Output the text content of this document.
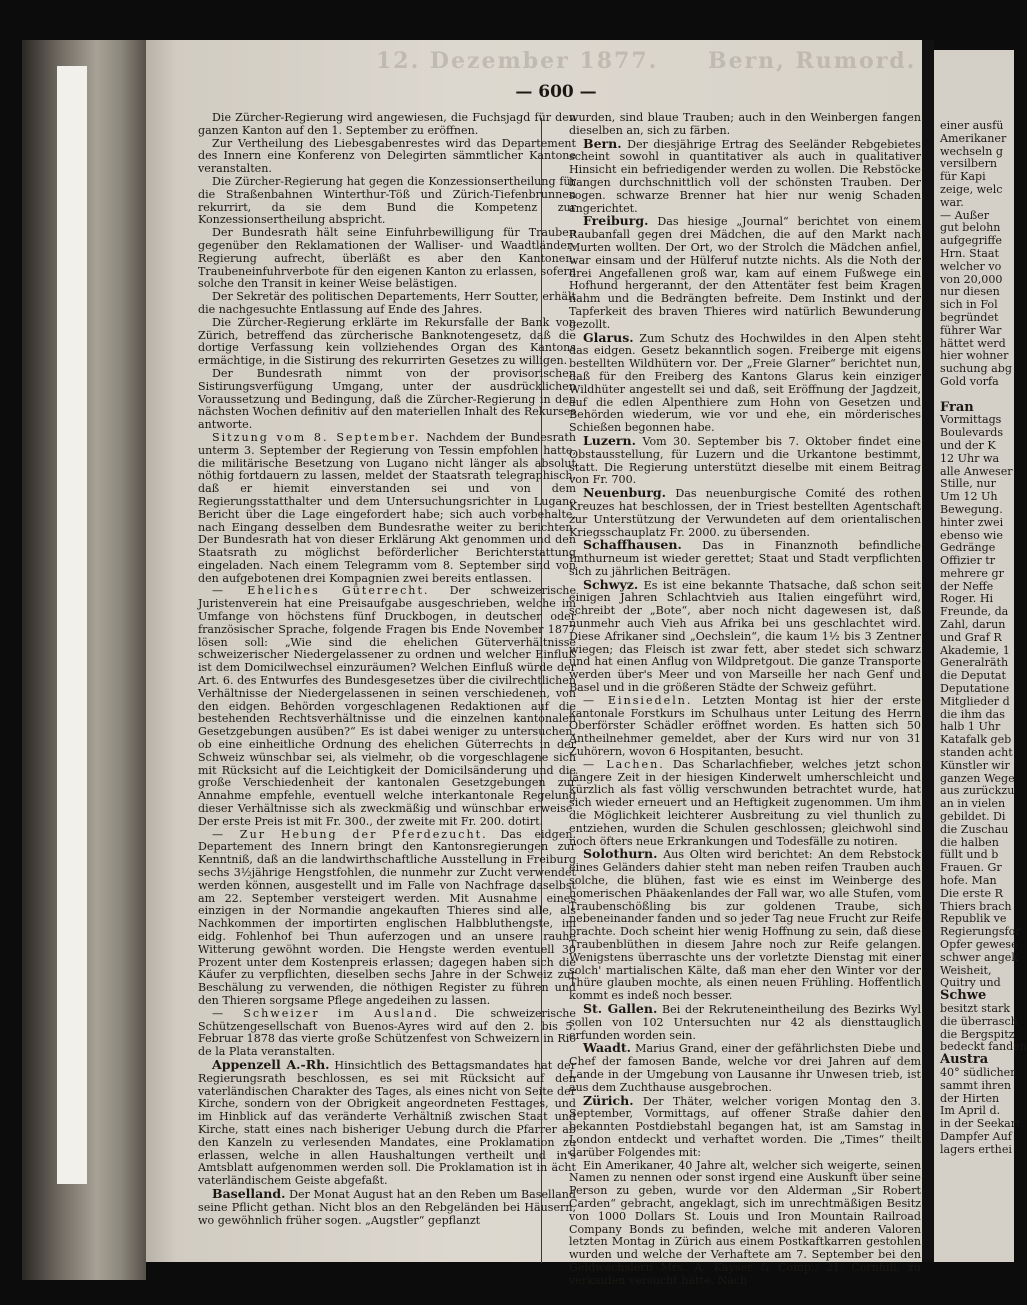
12. Dezember 1877. Bern, Rumord.
— 600 —

Die Zürcher-Regierung wird angewiesen, die Fuchsjagd für den ganzen Kanton auf den 1. September zu eröffnen.

Zur Vertheilung des Liebesgabenrestes wird das Departement des Innern eine Konferenz von Delegirten sämmtlicher Kantone veranstalten.

Die Zürcher-Regierung hat gegen die Konzessionsertheilung für die Straßenbahnen Winterthur-Töß und Zürich-Tiefenbrunnen rekurrirt, da sie dem Bund die Kompetenz zur Konzessionsertheilung abspricht.

Der Bundesrath hält seine Einfuhrbewilligung für Trauben gegenüber den Reklamationen der Walliser- und Waadtländer-Regierung aufrecht, überläßt es aber den Kantonen, Traubeneinfuhrverbote für den eigenen Kanton zu erlassen, sofern solche den Transit in keiner Weise belästigen.

Der Sekretär des politischen Departements, Herr Soutter, erhält die nachgesuchte Entlassung auf Ende des Jahres.

Die Zürcher-Regierung erklärte im Rekursfalle der Bank von Zürich, betreffend das zürcherische Banknotengesetz, daß die dortige Verfassung kein vollziehendes Organ des Kantons ermächtige, in die Sistirung des rekurrirten Gesetzes zu willigen.

Der Bundesrath nimmt von der provisorischen Sistirungsverfügung Umgang, unter der ausdrücklichen Voraussetzung und Bedingung, daß die Zürcher-Regierung in den nächsten Wochen definitiv auf den materiellen Inhalt des Rekurses antworte.

Sitzung vom 8. September. Nachdem der Bundesrath unterm 3. September der Regierung von Tessin empfohlen hatte, die militärische Besetzung von Lugano nicht länger als absolut nöthig fortdauern zu lassen, meldet der Staatsrath telegraphisch, daß er hiemit einverstanden sei und von dem Regierungsstatthalter und dem Untersuchungsrichter in Lugano Bericht über die Lage eingefordert habe; sich auch vorbehalte, nach Eingang desselben dem Bundesrathe weiter zu berichten. Der Bundesrath hat von dieser Erklärung Akt genommen und den Staatsrath zu möglichst beförderlicher Berichterstattung eingeladen. Nach einem Telegramm vom 8. September sind von den aufgebotenen drei Kompagnien zwei bereits entlassen.

— Eheliches Güterrecht. Der schweizerische Juristenverein hat eine Preisaufgabe ausgeschrieben, welche im Umfange von höchstens fünf Druckbogen, in deutscher oder französischer Sprache, folgende Fragen bis Ende November 1877 lösen soll: „Wie sind die ehelichen Güterverhältnisse schweizerischer Niedergelassener zu ordnen und welcher Einfluß ist dem Domicilwechsel einzuräumen? Welchen Einfluß würde der Art. 6. des Entwurfes des Bundesgesetzes über die civilrechtlichen Verhältnisse der Niedergelassenen in seinen verschiedenen, von den eidgen. Behörden vorgeschlagenen Redaktionen auf die bestehenden Rechtsverhältnisse und die einzelnen kantonalen Gesetzgebungen ausüben?“ Es ist dabei weniger zu untersuchen, ob eine einheitliche Ordnung des ehelichen Güterrechts in der Schweiz wünschbar sei, als vielmehr, ob die vorgeschlagene sich mit Rücksicht auf die Leichtigkeit der Domicilsänderung und die große Verschiedenheit der kantonalen Gesetzgebungen zur Annahme empfehle, eventuell welche interkantonale Regelung dieser Verhältnisse sich als zweckmäßig und wünschbar erweise. Der erste Preis ist mit Fr. 300., der zweite mit Fr. 200. dotirt.

— Zur Hebung der Pferdezucht. Das eidgen. Departement des Innern bringt den Kantonsregierungen zur Kenntniß, daß an die landwirthschaftliche Ausstellung in Freiburg sechs 3½jährige Hengstfohlen, die nunmehr zur Zucht verwendet werden können, ausgestellt und im Falle von Nachfrage daselbst am 22. September versteigert werden. Mit Ausnahme eines einzigen in der Normandie angekauften Thieres sind alle, als Nachkommen der importirten englischen Halbbluthengste, im eidg. Fohlenhof bei Thun auferzogen und an unsere rauhe Witterung gewöhnt worden. Die Hengste werden eventuell 30 Prozent unter dem Kostenpreis erlassen; dagegen haben sich die Käufer zu verpflichten, dieselben sechs Jahre in der Schweiz zur Beschälung zu verwenden, die nöthigen Register zu führen und den Thieren sorgsame Pflege angedeihen zu lassen.

— Schweizer im Ausland. Die schweizerische Schützengesellschaft von Buenos-Ayres wird auf den 2. bis 5. Februar 1878 das vierte große Schützenfest von Schweizern in Rio de la Plata veranstalten.

Appenzell A.-Rh. Hinsichtlich des Bettagsmandates hat der Regierungsrath beschlossen, es sei mit Rücksicht auf den vaterländischen Charakter des Tages, als eines nicht von Seite der Kirche, sondern von der Obrigkeit angeordneten Festtages, und im Hinblick auf das veränderte Verhältniß zwischen Staat und Kirche, statt eines nach bisheriger Uebung durch die Pfarrer ab den Kanzeln zu verlesenden Mandates, eine Proklamation zu erlassen, welche in allen Haushaltungen vertheilt und in's Amtsblatt aufgenommen werden soll. Die Proklamation ist in ächt vaterländischem Geiste abgefaßt.

Baselland. Der Monat August hat an den Reben um Baselland seine Pflicht gethan. Nicht blos an den Rebgeländen bei Häusern, wo gewöhnlich früher sogen. „Augstler“ gepflanzt

wurden, sind blaue Trauben; auch in den Weinbergen fangen dieselben an, sich zu färben.

Bern. Der diesjährige Ertrag des Seeländer Rebgebietes scheint sowohl in quantitativer als auch in qualitativer Hinsicht ein befriedigender werden zu wollen. Die Rebstöcke hangen durchschnittlich voll der schönsten Trauben. Der sogen. schwarze Brenner hat hier nur wenig Schaden angerichtet.

Freiburg. Das hiesige „Journal“ berichtet von einem Raubanfall gegen drei Mädchen, die auf den Markt nach Murten wollten. Der Ort, wo der Strolch die Mädchen anfiel, war einsam und der Hülferuf nutzte nichts. Als die Noth der drei Angefallenen groß war, kam auf einem Fußwege ein Hofhund hergerannt, der den Attentäter fest beim Kragen nahm und die Bedrängten befreite. Dem Instinkt und der Tapferkeit des braven Thieres wird natürlich Bewunderung gezollt.

Glarus. Zum Schutz des Hochwildes in den Alpen steht das eidgen. Gesetz bekanntlich sogen. Freiberge mit eigens bestellten Wildhütern vor. Der „Freie Glarner“ berichtet nun, daß für den Freiberg des Kantons Glarus kein einziger Wildhüter angestellt sei und daß, seit Eröffnung der Jagdzeit, auf die edlen Alpenthiere zum Hohn von Gesetzen und Behörden wiederum, wie vor und ehe, ein mörderisches Schießen begonnen habe.

Luzern. Vom 30. September bis 7. Oktober findet eine Obstausstellung, für Luzern und die Urkantone bestimmt, statt. Die Regierung unterstützt dieselbe mit einem Beitrag von Fr. 700.

Neuenburg. Das neuenburgische Comité des rothen Kreuzes hat beschlossen, der in Triest bestellten Agentschaft zur Unterstützung der Verwundeten auf dem orientalischen Kriegsschauplatz Fr. 2000. zu übersenden.

Schaffhausen. Das in Finanznoth befindliche Imthurneum ist wieder gerettet; Staat und Stadt verpflichten sich zu jährlichen Beiträgen.

Schwyz. Es ist eine bekannte Thatsache, daß schon seit einigen Jahren Schlachtvieh aus Italien eingeführt wird, schreibt der „Bote“, aber noch nicht dagewesen ist, daß nunmehr auch Vieh aus Afrika bei uns geschlachtet wird. Diese Afrikaner sind „Oechslein“, die kaum 1½ bis 3 Zentner wiegen; das Fleisch ist zwar fett, aber stedet sich schwarz und hat einen Anflug von Wildpretgout. Die ganze Transporte werden über's Meer und von Marseille her nach Genf und Basel und in die größeren Städte der Schweiz geführt.

— Einsiedeln. Letzten Montag ist hier der erste kantonale Forstkurs im Schulhaus unter Leitung des Herrn Oberförster Schädler eröffnet worden. Es hatten sich 50 Antheilnehmer gemeldet, aber der Kurs wird nur von 31 Zuhörern, wovon 6 Hospitanten, besucht.

— Lachen. Das Scharlachfieber, welches jetzt schon längere Zeit in der hiesigen Kinderwelt umherschleicht und kürzlich als fast völlig verschwunden betrachtet wurde, hat sich wieder erneuert und an Heftigkeit zugenommen. Um ihm die Möglichkeit leichterer Ausbreitung zu viel thunlich zu entziehen, wurden die Schulen geschlossen; gleichwohl sind noch öfters neue Erkrankungen und Todesfälle zu notiren.

Solothurn. Aus Olten wird berichtet: An dem Rebstock eines Geländers dahier steht man neben reifen Trauben auch solche, die blühen, fast wie es einst im Weinberge des homerischen Phäakenlandes der Fall war, wo alle Stufen, vom Traubenschößling bis zur goldenen Traube, sich nebeneinander fanden und so jeder Tag neue Frucht zur Reife brachte. Doch scheint hier wenig Hoffnung zu sein, daß diese Traubenblüthen in diesem Jahre noch zur Reife gelangen. Wenigstens überraschte uns der vorletzte Dienstag mit einer solch' martialischen Kälte, daß man eher den Winter vor der Thüre glauben mochte, als einen neuen Frühling. Hoffentlich kommt es indeß noch besser.

St. Gallen. Bei der Rekruteneintheilung des Bezirks Wyl sollen von 102 Untersuchten nur 42 als diensttauglich erfunden worden sein.

Waadt. Marius Grand, einer der gefährlichsten Diebe und Chef der famosen Bande, welche vor drei Jahren auf dem Lande in der Umgebung von Lausanne ihr Unwesen trieb, ist aus dem Zuchthause ausgebrochen.

Zürich. Der Thäter, welcher vorigen Montag den 3. September, Vormittags, auf offener Straße dahier den bekannten Postdiebstahl begangen hat, ist am Samstag in London entdeckt und verhaftet worden. Die „Times“ theilt darüber Folgendes mit:

Ein Amerikaner, 40 Jahre alt, welcher sich weigerte, seinen Namen zu nennen oder sonst irgend eine Auskunft über seine Person zu geben, wurde vor den Alderman „Sir Robert Carden“ gebracht, angeklagt, sich im unrechtmäßigen Besitz von 1000 Dollars St. Louis und Iron Mountain Railroad Company Bonds zu befinden, welche mit anderen Valoren letzten Montag in Zürich aus einem Postkaftkarren gestohlen wurden und welche der Verhaftete am 7. September bei den Geldwechslern Mrs. A. Kayser & Comp., 21. Cornhill, zu verkaufen versucht hätte. Nach

einer ausfü
Amerikaner
wechseln g
versilbern
für Kapi
zeige, welc
war.
— Außer
gut belohn
aufgegriffe
Hrn. Staat
welcher vo
von 20,000
nur diesen
sich in Fol
begründet
führer War
hättet werd
hier wohner
suchung abg
Gold vorfa
Fran
Vormittags
Boulevards
und der K
12 Uhr wa
alle Anweser
Stille, nur
Um 12 Uh
Bewegung.
hinter zwei
ebenso wie
Gedränge
Offizier tr
mehrere gr
der Neffe
Roger. Hi
Freunde, da
Zahl, darun
und Graf R
Akademie, 1
Generalräth
die Deputat
Deputatione
Mitglieder d
die ihm das
halb 1 Uhr
Katafalk geb
standen acht
Künstler wir
ganzen Wege
aus zurückzu
an in vielen
gebildet. Di
die Zuschau
die halben
füllt und b
Frauen. Gr
hofe. Man
Die erste R
Thiers brach
Republik ve
Regierungsfor
Opfer gewese
schwer angek
Weisheit,
Quitry und
Schwe
besitzt stark
die überrasch
die Bergspitz
bedeckt fanden
Austra
40° südlicher
sammt ihren
der Hirten
Im April d.
in der Seekart
Dampfer Auf
lagers erthei
